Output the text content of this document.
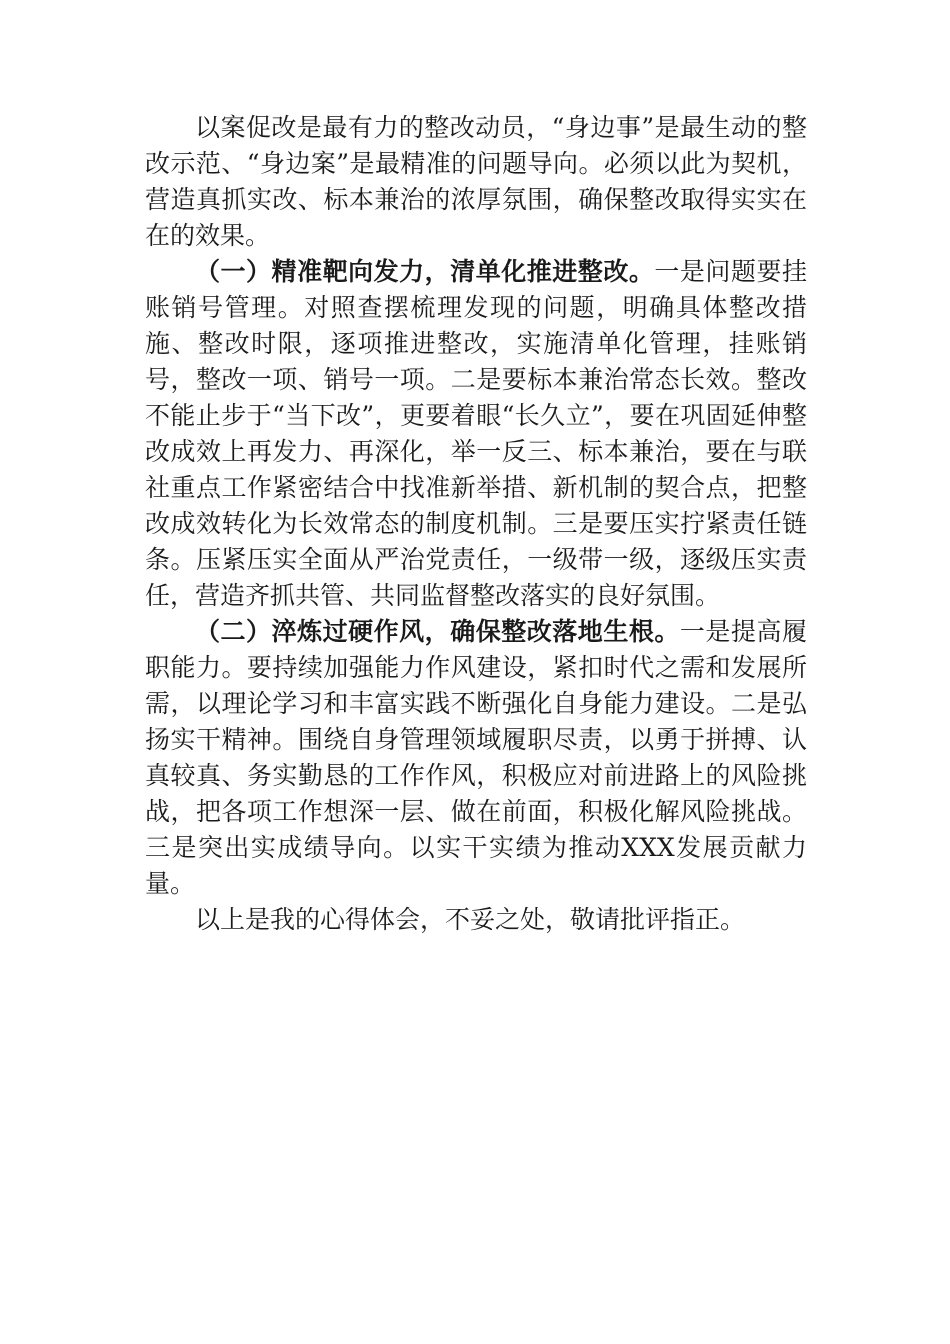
以案促改是最有力的整改动员，“身边事”是最生动的整改示范、“身边案”是最精准的问题导向。必须以此为契机，营造真抓实改、标本兼治的浓厚氛围，确保整改取得实实在在的效果。

（一）精准靶向发力，清单化推进整改。一是问题要挂账销号管理。对照查摆梳理发现的问题，明确具体整改措施、整改时限，逐项推进整改，实施清单化管理，挂账销号，整改一项、销号一项。二是要标本兼治常态长效。整改不能止步于“当下改”，更要着眼“长久立”，要在巩固延伸整改成效上再发力、再深化，举一反三、标本兼治，要在与联社重点工作紧密结合中找准新举措、新机制的契合点，把整改成效转化为长效常态的制度机制。三是要压实拧紧责任链条。压紧压实全面从严治党责任，一级带一级，逐级压实责任，营造齐抓共管、共同监督整改落实的良好氛围。

（二）淬炼过硬作风，确保整改落地生根。一是提高履职能力。要持续加强能力作风建设，紧扣时代之需和发展所需，以理论学习和丰富实践不断强化自身能力建设。二是弘扬实干精神。围绕自身管理领域履职尽责，以勇于拼搏、认真较真、务实勤恳的工作作风，积极应对前进路上的风险挑战，把各项工作想深一层、做在前面，积极化解风险挑战。三是突出实成绩导向。以实干实绩为推动XXX发展贡献力量。

以上是我的心得体会，不妥之处，敬请批评指正。
